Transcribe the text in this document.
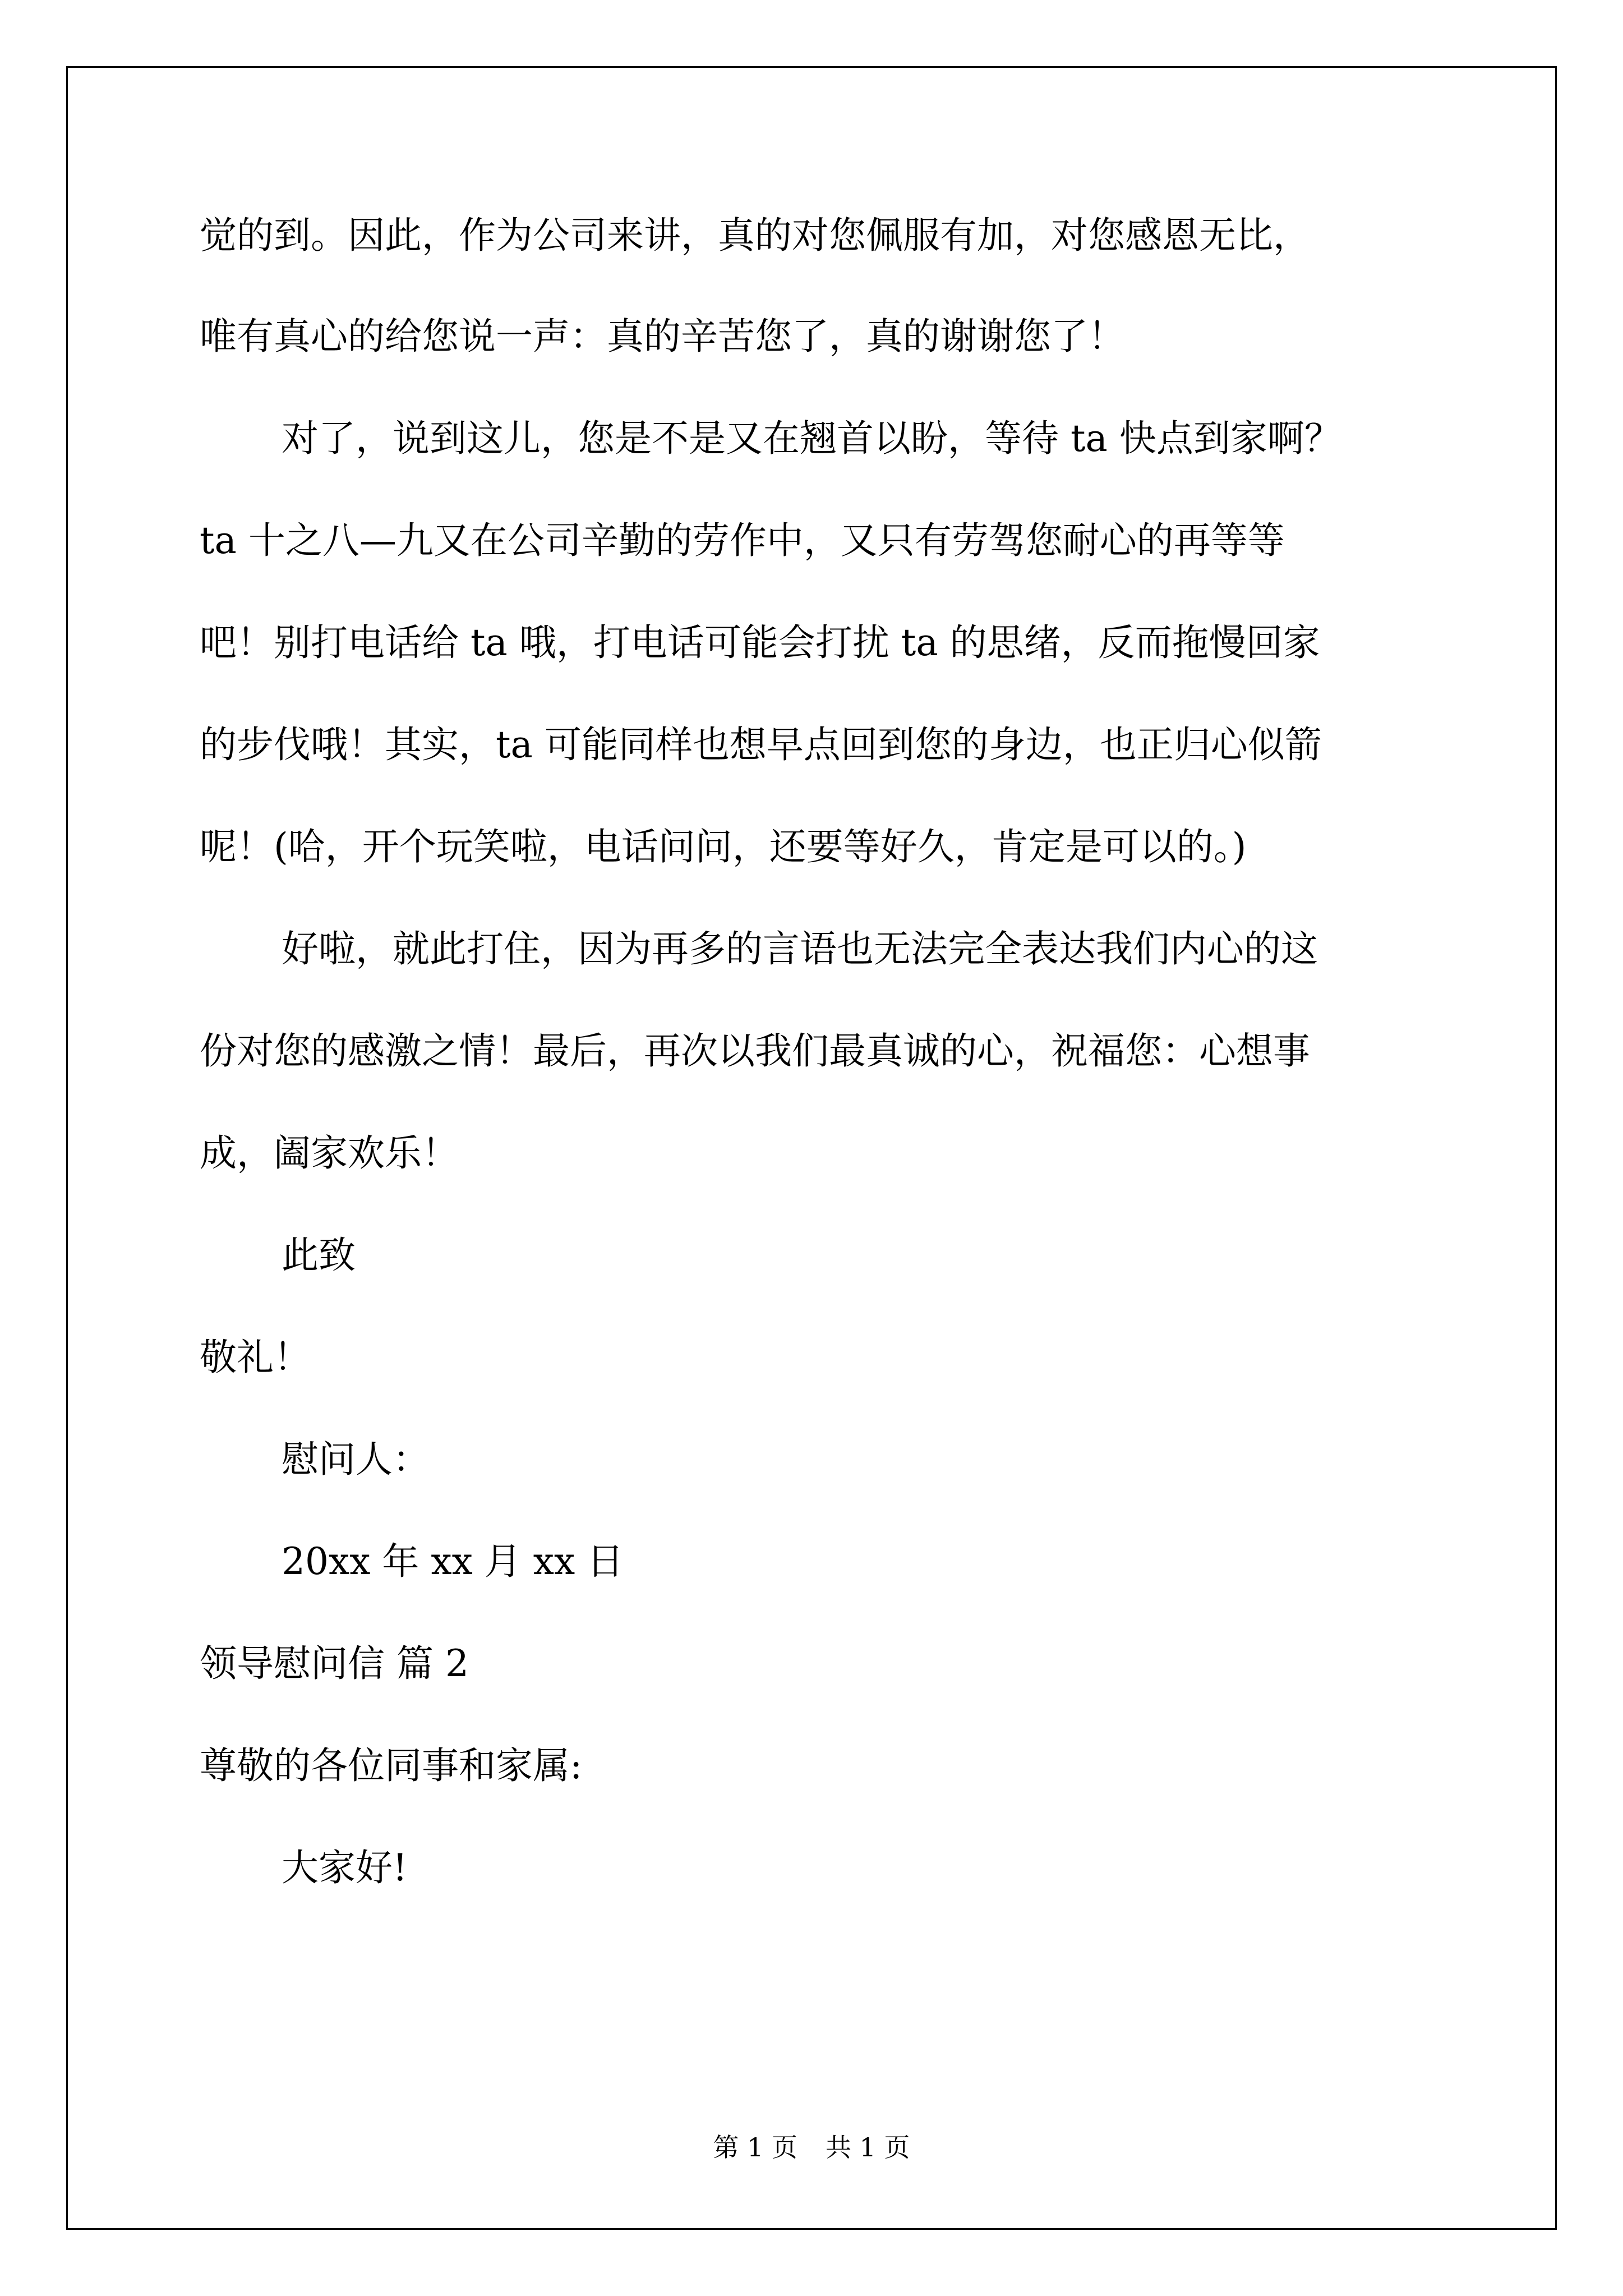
觉的到。因此，作为公司来讲，真的对您佩服有加，对您感恩无比，
唯有真心的给您说一声：真的辛苦您了，真的谢谢您了！
对了，说到这儿，您是不是又在翘首以盼，等待 ta 快点到家啊？
ta 十之八—九又在公司辛勤的劳作中，又只有劳驾您耐心的再等等
吧！别打电话给 ta 哦，打电话可能会打扰 ta 的思绪，反而拖慢回家
的步伐哦！其实，ta 可能同样也想早点回到您的身边，也正归心似箭
呢！(哈，开个玩笑啦，电话问问，还要等好久，肯定是可以的。)
好啦，就此打住，因为再多的言语也无法完全表达我们内心的这
份对您的感激之情！最后，再次以我们最真诚的心，祝福您：心想事
成，阖家欢乐！
此致
敬礼！
慰问人：
20xx 年 xx 月 xx 日
领导慰问信 篇 2
尊敬的各位同事和家属:
大家好!
第 1 页 共 1 页
